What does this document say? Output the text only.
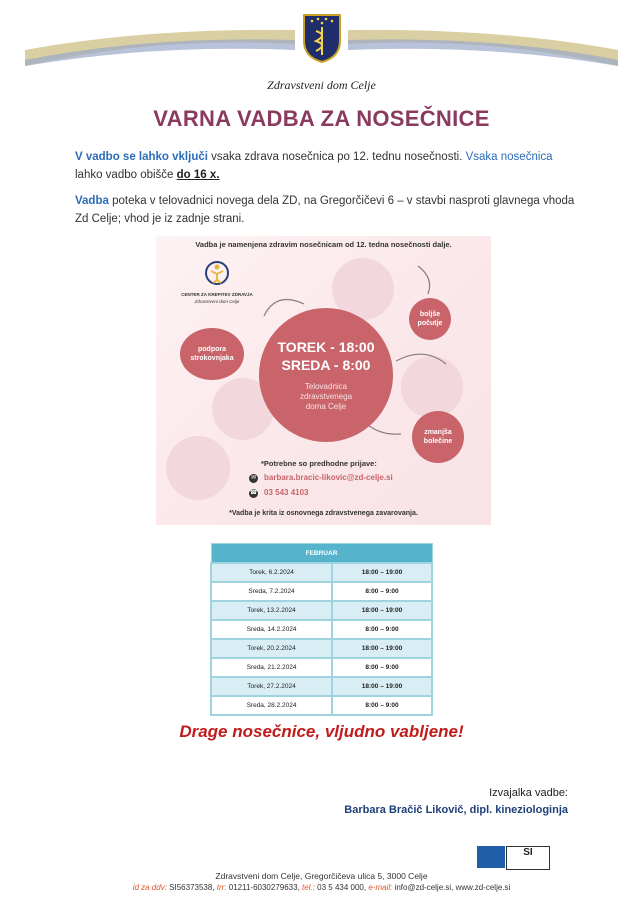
Zdravstveni dom Celje
VARNA VADBA ZA NOSEČNICE
V vadbo se lahko vključi vsaka zdrava nosečnica po 12. tednu nosečnosti. Vsaka nosečnica lahko vadbo obišče do 16 x.
Vadba poteka v telovadnici novega dela ZD, na Gregorčičevi 6 – v stavbi nasproti glavnega vhoda Zd Celje; vhod je iz zadnje strani.
Vadba je namenjena zdravim nosečnicam od 12. tedna nosečnosti dalje.
CENTER ZA KREPITEV ZDRAVJA
Zdravstveni dom Celje
TOREK - 18:00
SREDA - 8:00
Telovadnica
zdravstvenega
doma Celje
boljše
počutje
podpora
strokovnjaka
zmanjša
bolečine
*Potrebne so predhodne prijave:
✉ barbara.bracic-likovic@zd-celje.si
☎ 03 543 4103
*Vadba je krita iz osnovnega zdravstvenega zavarovanja.
FEBRUAR	
Torek, 6.2.2024	18:00 – 19:00
Sreda, 7.2.2024	8:00 – 9:00
Torek, 13.2.2024	18:00 – 19:00
Sreda, 14.2.2024	8:00 – 9:00
Torek, 20.2.2024	18:00 – 19:00
Sreda, 21.2.2024	8:00 – 9:00
Torek, 27.2.2024	18:00 – 19:00
Sreda, 28.2.2024	8:00 – 9:00
Drage nosečnice, vljudno vabljene!
Izvajalka vadbe:
Barbara Bračič Likovič, dipl. kineziologinja
SI
Zdravstveni dom Celje, Gregorčičeva ulica 5, 3000 Celje
id za ddv: SI56373538, trr: 01211-6030279633, tel.: 03 5 434 000, e-mail: info@zd-celje.si, www.zd-celje.si
